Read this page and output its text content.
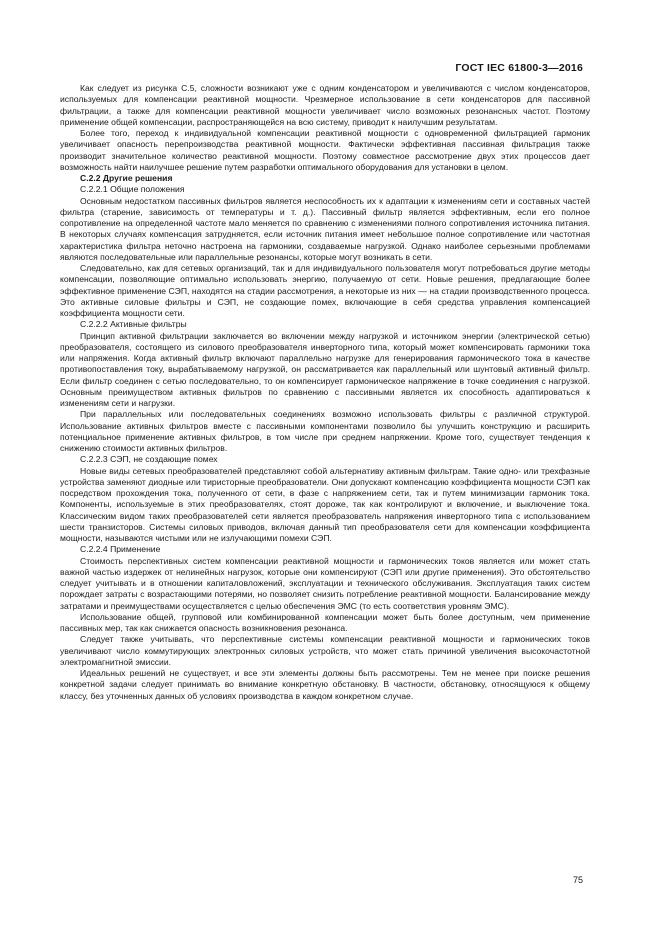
ГОСТ IEC 61800-3—2016

Как следует из рисунка С.5, сложности возникают уже с одним конденсатором и увеличиваются с числом конденсаторов, используемых для компенсации реактивной мощности. Чрезмерное использование в сети конденсаторов для пассивной фильтрации, а также для компенсации реактивной мощности увеличивает число возможных резонансных частот. Поэтому применение общей компенсации, распространяющейся на всю систему, приводит к наилучшим результатам.

Более того, переход к индивидуальной компенсации реактивной мощности с одновременной фильтрацией гармоник увеличивает опасность перепроизводства реактивной мощности. Фактически эффективная пассивная фильтрация также производит значительное количество реактивной мощности. Поэтому совместное рассмотрение двух этих процессов дает возможность найти наилучшее решение путем разработки оптимального оборудования для установки в целом.

С.2.2 Другие решения
С.2.2.1 Общие положения

Основным недостатком пассивных фильтров является неспособность их к адаптации к изменениям сети и составных частей фильтра (старение, зависимость от температуры и т. д.). Пассивный фильтр является эффективным, если его полное сопротивление на определенной частоте мало меняется по сравнению с изменениями полного сопротивления источника питания. В некоторых случаях компенсация затрудняется, если источник питания имеет небольшое полное сопротивление или частотная характеристика фильтра неточно настроена на гармоники, создаваемые нагрузкой. Однако наиболее серьезными проблемами являются последовательные или параллельные резонансы, которые могут возникать в сети.

Следовательно, как для сетевых организаций, так и для индивидуального пользователя могут потребоваться другие методы компенсации, позволяющие оптимально использовать энергию, получаемую от сети. Новые решения, предлагающие более эффективное применение СЭП, находятся на стадии рассмотрения, а некоторые из них — на стадии производственного процесса. Это активные силовые фильтры и СЭП, не создающие помех, включающие в себя средства управления компенсацией коэффициента мощности сети.

С.2.2.2 Активные фильтры

Принцип активной фильтрации заключается во включении между нагрузкой и источником энергии (электрической сетью) преобразователя, состоящего из силового преобразователя инверторного типа, который может компенсировать гармоники тока или напряжения. Когда активный фильтр включают параллельно нагрузке для генерирования гармонического тока в качестве противопоставления току, вырабатываемому нагрузкой, он рассматривается как параллельный или шунтовый активный фильтр. Если фильтр соединен с сетью последовательно, то он компенсирует гармоническое напряжение в точке соединения с нагрузкой. Основным преимуществом активных фильтров по сравнению с пассивными является их способность адаптироваться к изменениям сети и нагрузки.

При параллельных или последовательных соединениях возможно использовать фильтры с различной структурой. Использование активных фильтров вместе с пассивными компонентами позволило бы улучшить конструкцию и расширить потенциальное применение активных фильтров, в том числе при среднем напряжении. Кроме того, существует тенденция к снижению стоимости активных фильтров.

С.2.2.3 СЭП, не создающие помех

Новые виды сетевых преобразователей представляют собой альтернативу активным фильтрам. Такие одно- или трехфазные устройства заменяют диодные или тиристорные преобразователи. Они допускают компенсацию коэффициента мощности СЭП как посредством прохождения тока, полученного от сети, в фазе с напряжением сети, так и путем минимизации гармоник тока. Компоненты, используемые в этих преобразователях, стоят дороже, так как контролируют и включение, и выключение тока. Классическим видом таких преобразователей сети является преобразователь напряжения инверторного типа с использованием шести транзисторов. Системы силовых приводов, включая данный тип преобразователя сети для компенсации коэффициента мощности, называются чистыми или не излучающими помехи СЭП.

С.2.2.4 Применение

Стоимость перспективных систем компенсации реактивной мощности и гармонических токов является или может стать важной частью издержек от нелинейных нагрузок, которые они компенсируют (СЭП или другие применения). Это обстоятельство следует учитывать и в отношении капиталовложений, эксплуатации и технического обслуживания. Эксплуатация таких систем порождает затраты с возрастающими потерями, но позволяет снизить потребление реактивной мощности. Балансирование между затратами и преимуществами осуществляется с целью обеспечения ЭМС (то есть соответствия уровням ЭМС).

Использование общей, групповой или комбинированной компенсации может быть более доступным, чем применение пассивных мер, так как снижается опасность возникновения резонанса.

Следует также учитывать, что перспективные системы компенсации реактивной мощности и гармонических токов увеличивают число коммутирующих электронных силовых устройств, что может стать причиной увеличения высокочастотной электромагнитной эмиссии.

Идеальных решений не существует, и все эти элементы должны быть рассмотрены. Тем не менее при поиске решения конкретной задачи следует принимать во внимание конкретную обстановку. В частности, обстановку, относящуюся к общему классу, без уточненных данных об условиях производства в каждом конкретном случае.

75
